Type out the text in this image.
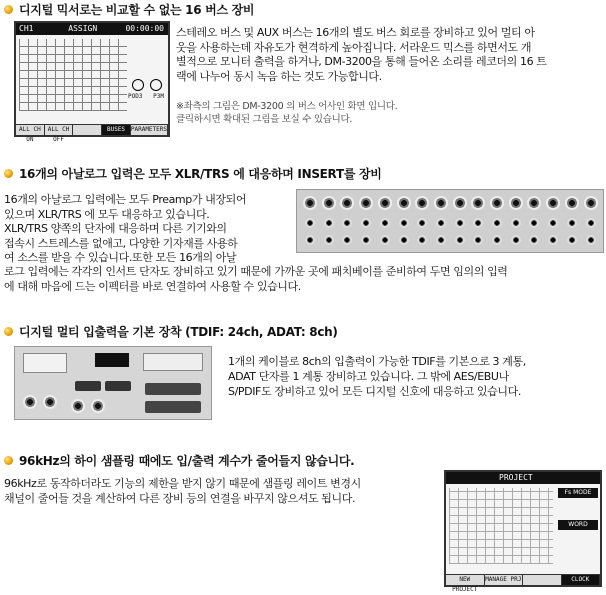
디지털 믹서로는 비교할 수 없는 16 버스 장비
CH1	ASSIGN	00:00:00
POD3 P3M
ALL CH ON
ALL CH OFF
BUSES PARAMETERS
스테레오 버스 및 AUX 버스는 16개의 별도 버스 회로를 장비하고 있어 멀티 아
웃을 사용하는데 자유도가 현격하게 높아집니다. 서라운드 믹스를 하면서도 개
별적으로 모니터 출력을 하거나, DM-3200을 통해 들어온 소리를 레코더의 16 트
랙에 나누어 동시 녹음 하는 것도 가능합니다.
※좌측의 그림은 DM-3200 의 버스 어사인 화면 입니다.
클릭하시면 확대된 그림을 보실 수 있습니다.
16개의 아날로그 입력은 모두 XLR/TRS 에 대응하며 INSERT를 장비
16개의 아날로그 입력에는 모두 Preamp가 내장되어
있으며 XLR/TRS 에 모두 대응하고 있습니다.
XLR/TRS 양쪽의 단자에 대응하며 다른 기기와의
접속시 스트레스를 없애고, 다양한 기자재를 사용하
여 소스를 받을 수 있습니다.또한 모든 16개의 아날
로그 입력에는 각각의 인서트 단자도 장비하고 있기 때문에 가까운 곳에 패치베이를 준비하여 두면 임의의 입력
에 대해 마음에 드는 이펙터를 바로 연결하여 사용할 수 있습니다.
디지털 멀티 입출력을 기본 장착 (TDIF: 24ch, ADAT: 8ch)
1개의 케이블로 8ch의 입출력이 가능한 TDIF를 기본으로 3 계통,
ADAT 단자를 1 계통 장비하고 있습니다. 그 밖에 AES/EBU나
S/PDIF도 장비하고 있어 모든 디지털 신호에 대응하고 있습니다.
96kHz의 하이 샘플링 때에도 입/출력 계수가 줄어들지 않습니다.
96kHz로 동작하더라도 기능의 제한을 받지 않기 때문에 샘플링 레이트 변경시
채널이 줄어들 것을 계산하여 다른 장비 등의 연결을 바꾸지 않으셔도 됩니다.
PROJECT
Fs MODE
WORD
NEW PROJECT
MANAGE PRJ	CLOCK
